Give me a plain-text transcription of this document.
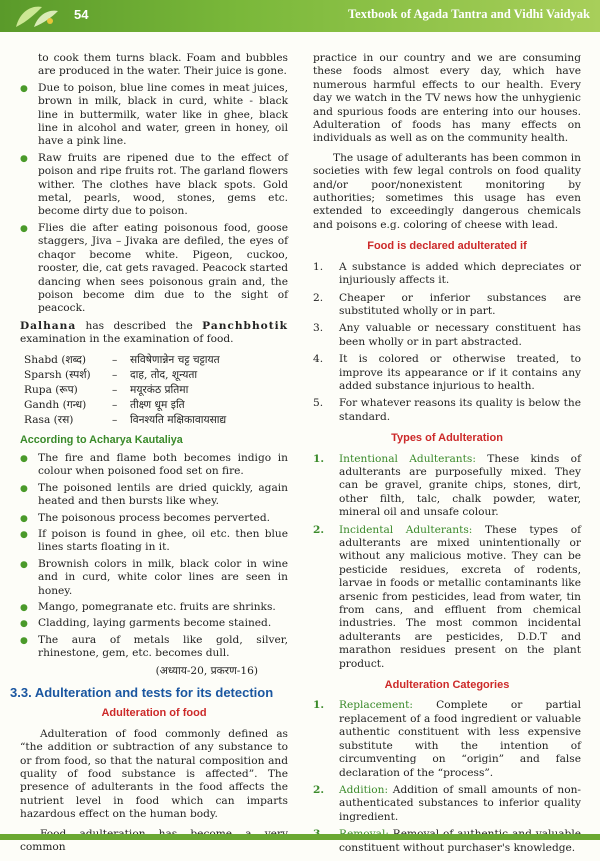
54	Textbook of Agada Tantra and Vidhi Vaidyak

to cook them turns black. Foam and bubbles are produced in the water. Their juice is gone.

● Due to poison, blue line comes in meat juices, brown in milk, black in curd, white - black line in buttermilk, water like in ghee, black line in alcohol and water, green in honey, oil have a pink line.
● Raw fruits are ripened due to the effect of poison and ripe fruits rot. The garland flowers wither. The clothes have black spots. Gold metal, pearls, wood, stones, gems etc. become dirty due to poison.
● Flies die after eating poisonous food, goose staggers, Jiva – Jivaka are defiled, the eyes of chaqor become white. Pigeon, cuckoo, rooster, die, cat gets ravaged. Peacock started dancing when sees poisonous grain and, the poison become dim due to the sight of peacock.

Dalhana has described the Panchbhotik examination in the examination of food.

Shabd (शब्द)	–	सविषेणान्नेन चट्ट चट्टायत
Sparsh (स्पर्श)	–	दाह, तोद, शून्यता
Rupa (रूप)	–	मयूरकंठ प्रतिमा
Gandh (गन्ध)	–	तीक्ष्ण धूम इति
Rasa (रस)	–	विनश्यति मक्षिकावायसाद्य
According to Acharya Kautaliya
● The fire and flame both becomes indigo in colour when poisoned food set on fire.
● The poisoned lentils are dried quickly, again heated and then bursts like whey.
● The poisonous process becomes perverted.
● If poison is found in ghee, oil etc. then blue lines starts floating in it.
● Brownish colors in milk, black color in wine and in curd, white color lines are seen in honey.
● Mango, pomegranate etc. fruits are shrinks.
● Cladding, laying garments become stained.
● The aura of metals like gold, silver, rhinestone, gem, etc. becomes dull.
(अध्याय-20, प्रकरण-16)
3.3. Adulteration and tests for its detection
Adulteration of food

Adulteration of food commonly defined as “the addition or subtraction of any substance to or from food, so that the natural composition and quality of food substance is affected”. The presence of adulterants in the food affects the nutrient level in food which can imparts hazardous effect on the human body.

common

practice in our country and we are consuming these foods almost every day, which have numerous harmful effects to our health. Every day we watch in the TV news how the unhygienic and spurious foods are entering into our houses. Adulteration of foods has many effects on individuals as well as on the community health.

The usage of adulterants has been common in societies with few legal controls on food quality and/or poor/nonexistent monitoring by authorities; sometimes this usage has even extended to exceedingly dangerous chemicals and poisons e.g. coloring of cheese with lead.

Food is declared adulterated if
1. A substance is added which depreciates or injuriously affects it.
2. Cheaper or inferior substances are substituted wholly or in part.
3. Any valuable or necessary constituent has been wholly or in part abstracted.
4. It is colored or otherwise treated, to improve its appearance or if it contains any added substance injurious to health.
5. For whatever reasons its quality is below the standard.
Types of Adulteration
1. Intentional Adulterants: These kinds of adulterants are purposefully mixed. They can be gravel, granite chips, stones, dirt, other filth, talc, chalk powder, water, mineral oil and unsafe colour.
2. Incidental Adulterants: These types of adulterants are mixed unintentionally or without any malicious motive. They can be pesticide residues, excreta of rodents, larvae in foods or metallic contaminants like arsenic from pesticides, lead from water, tin from cans, and effluent from chemical industries. The most common incidental adulterants are pesticides, D.D.T and marathon residues present on the plant product.
Adulteration Categories
1. Replacement: Complete or partial replacement of a food ingredient or valuable authentic constituent with less expensive substitute with the intention of circumventing on “origin” and false declaration of the “process”.
2. Addition: Addition of small amounts of non-authenticated substances to inferior quality ingredient.
constituent without purchaser's knowledge.
